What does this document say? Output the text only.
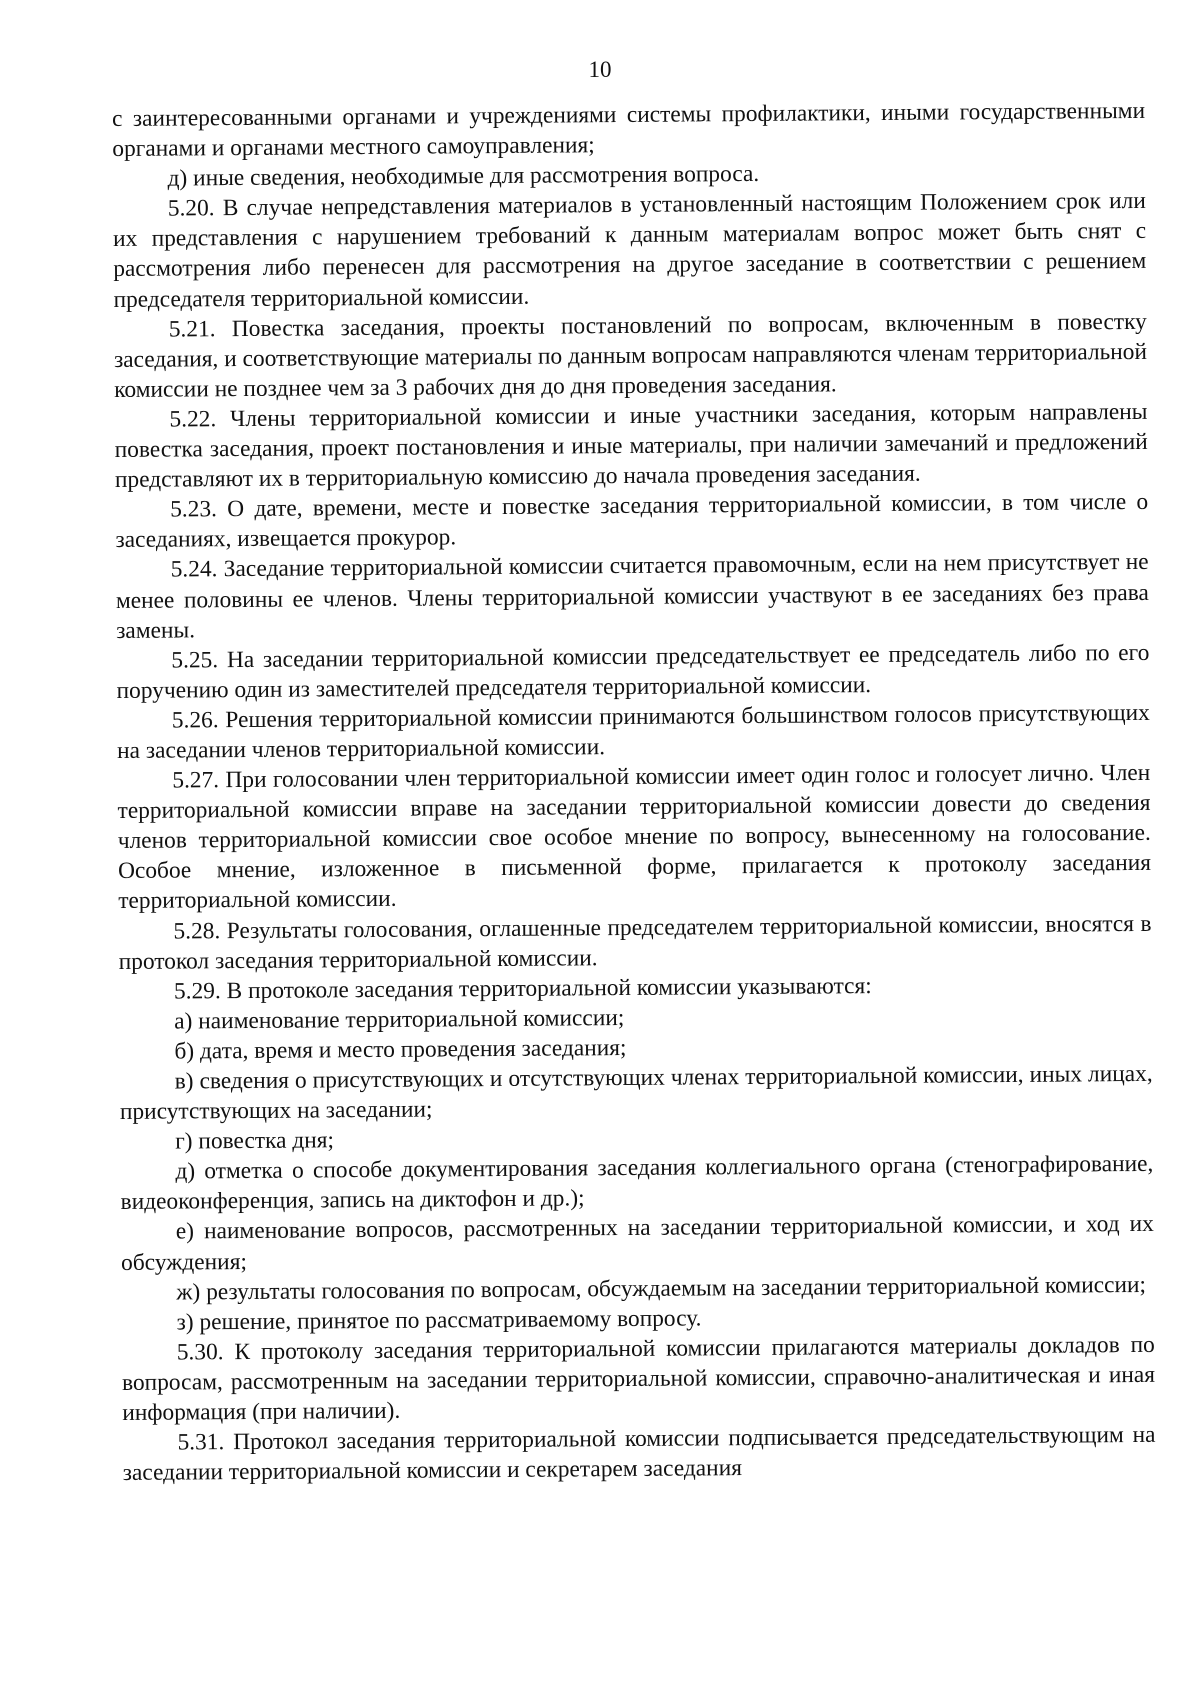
10

с заинтересованными органами и учреждениями системы профилактики, иными государственными органами и органами местного самоуправления;

д) иные сведения, необходимые для рассмотрения вопроса.

5.20. В случае непредставления материалов в установленный настоящим Положением срок или их представления с нарушением требований к данным материалам вопрос может быть снят с рассмотрения либо перенесен для рассмотрения на другое заседание в соответствии с решением председателя территориальной комиссии.

5.21. Повестка заседания, проекты постановлений по вопросам, включенным в повестку заседания, и соответствующие материалы по данным вопросам направляются членам территориальной комиссии не позднее чем за 3 рабочих дня до дня проведения заседания.

5.22. Члены территориальной комиссии и иные участники заседания, которым направлены повестка заседания, проект постановления и иные материалы, при наличии замечаний и предложений представляют их в территориальную комиссию до начала проведения заседания.

5.23. О дате, времени, месте и повестке заседания территориальной комиссии, в том числе о заседаниях, извещается прокурор.

5.24. Заседание территориальной комиссии считается правомочным, если на нем присутствует не менее половины ее членов. Члены территориальной комиссии участвуют в ее заседаниях без права замены.

5.25. На заседании территориальной комиссии председательствует ее председатель либо по его поручению один из заместителей председателя территориальной комиссии.

5.26. Решения территориальной комиссии принимаются большинством голосов присутствующих на заседании членов территориальной комиссии.

5.27. При голосовании член территориальной комиссии имеет один голос и голосует лично. Член территориальной комиссии вправе на заседании территориальной комиссии довести до сведения членов территориальной комиссии свое особое мнение по вопросу, вынесенному на голосование. Особое мнение, изложенное в письменной форме, прилагается к протоколу заседания территориальной комиссии.

5.28. Результаты голосования, оглашенные председателем территориальной комиссии, вносятся в протокол заседания территориальной комиссии.

5.29. В протоколе заседания территориальной комиссии указываются:

а) наименование территориальной комиссии;

б) дата, время и место проведения заседания;

в) сведения о присутствующих и отсутствующих членах территориальной комиссии, иных лицах, присутствующих на заседании;

г) повестка дня;

д) отметка о способе документирования заседания коллегиального органа (стенографирование, видеоконференция, запись на диктофон и др.);

е) наименование вопросов, рассмотренных на заседании территориальной комиссии, и ход их обсуждения;

ж) результаты голосования по вопросам, обсуждаемым на заседании территориальной комиссии;

з) решение, принятое по рассматриваемому вопросу.

5.30. К протоколу заседания территориальной комиссии прилагаются материалы докладов по вопросам, рассмотренным на заседании территориальной комиссии, справочно-аналитическая и иная информация (при наличии).

5.31. Протокол заседания территориальной комиссии подписывается председательствующим на заседании территориальной комиссии и секретарем заседания
